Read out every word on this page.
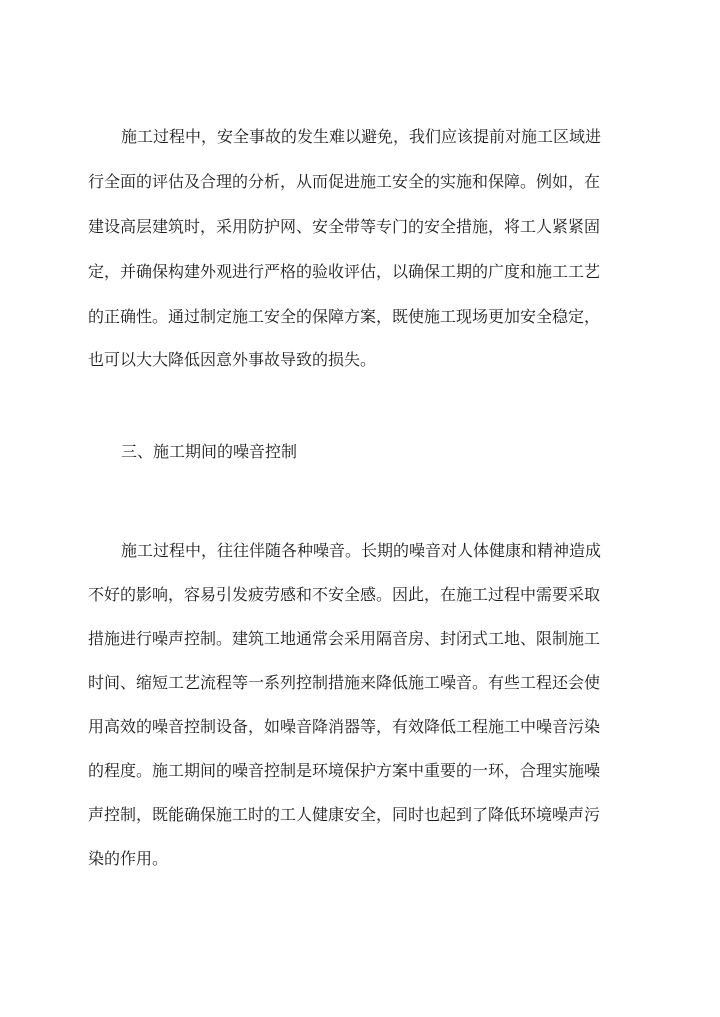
施工过程中，安全事故的发生难以避免，我们应该提前对施工区域进
行全面的评估及合理的分析，从而促进施工安全的实施和保障。例如，在
建设高层建筑时，采用防护网、安全带等专门的安全措施，将工人紧紧固
定，并确保构建外观进行严格的验收评估，以确保工期的广度和施工工艺
的正确性。通过制定施工安全的保障方案，既使施工现场更加安全稳定，
也可以大大降低因意外事故导致的损失。
三、施工期间的噪音控制
施工过程中，往往伴随各种噪音。长期的噪音对人体健康和精神造成
不好的影响，容易引发疲劳感和不安全感。因此，在施工过程中需要采取
措施进行噪声控制。建筑工地通常会采用隔音房、封闭式工地、限制施工
时间、缩短工艺流程等一系列控制措施来降低施工噪音。有些工程还会使
用高效的噪音控制设备，如噪音降消器等，有效降低工程施工中噪音污染
的程度。施工期间的噪音控制是环境保护方案中重要的一环，合理实施噪
声控制，既能确保施工时的工人健康安全，同时也起到了降低环境噪声污
染的作用。
